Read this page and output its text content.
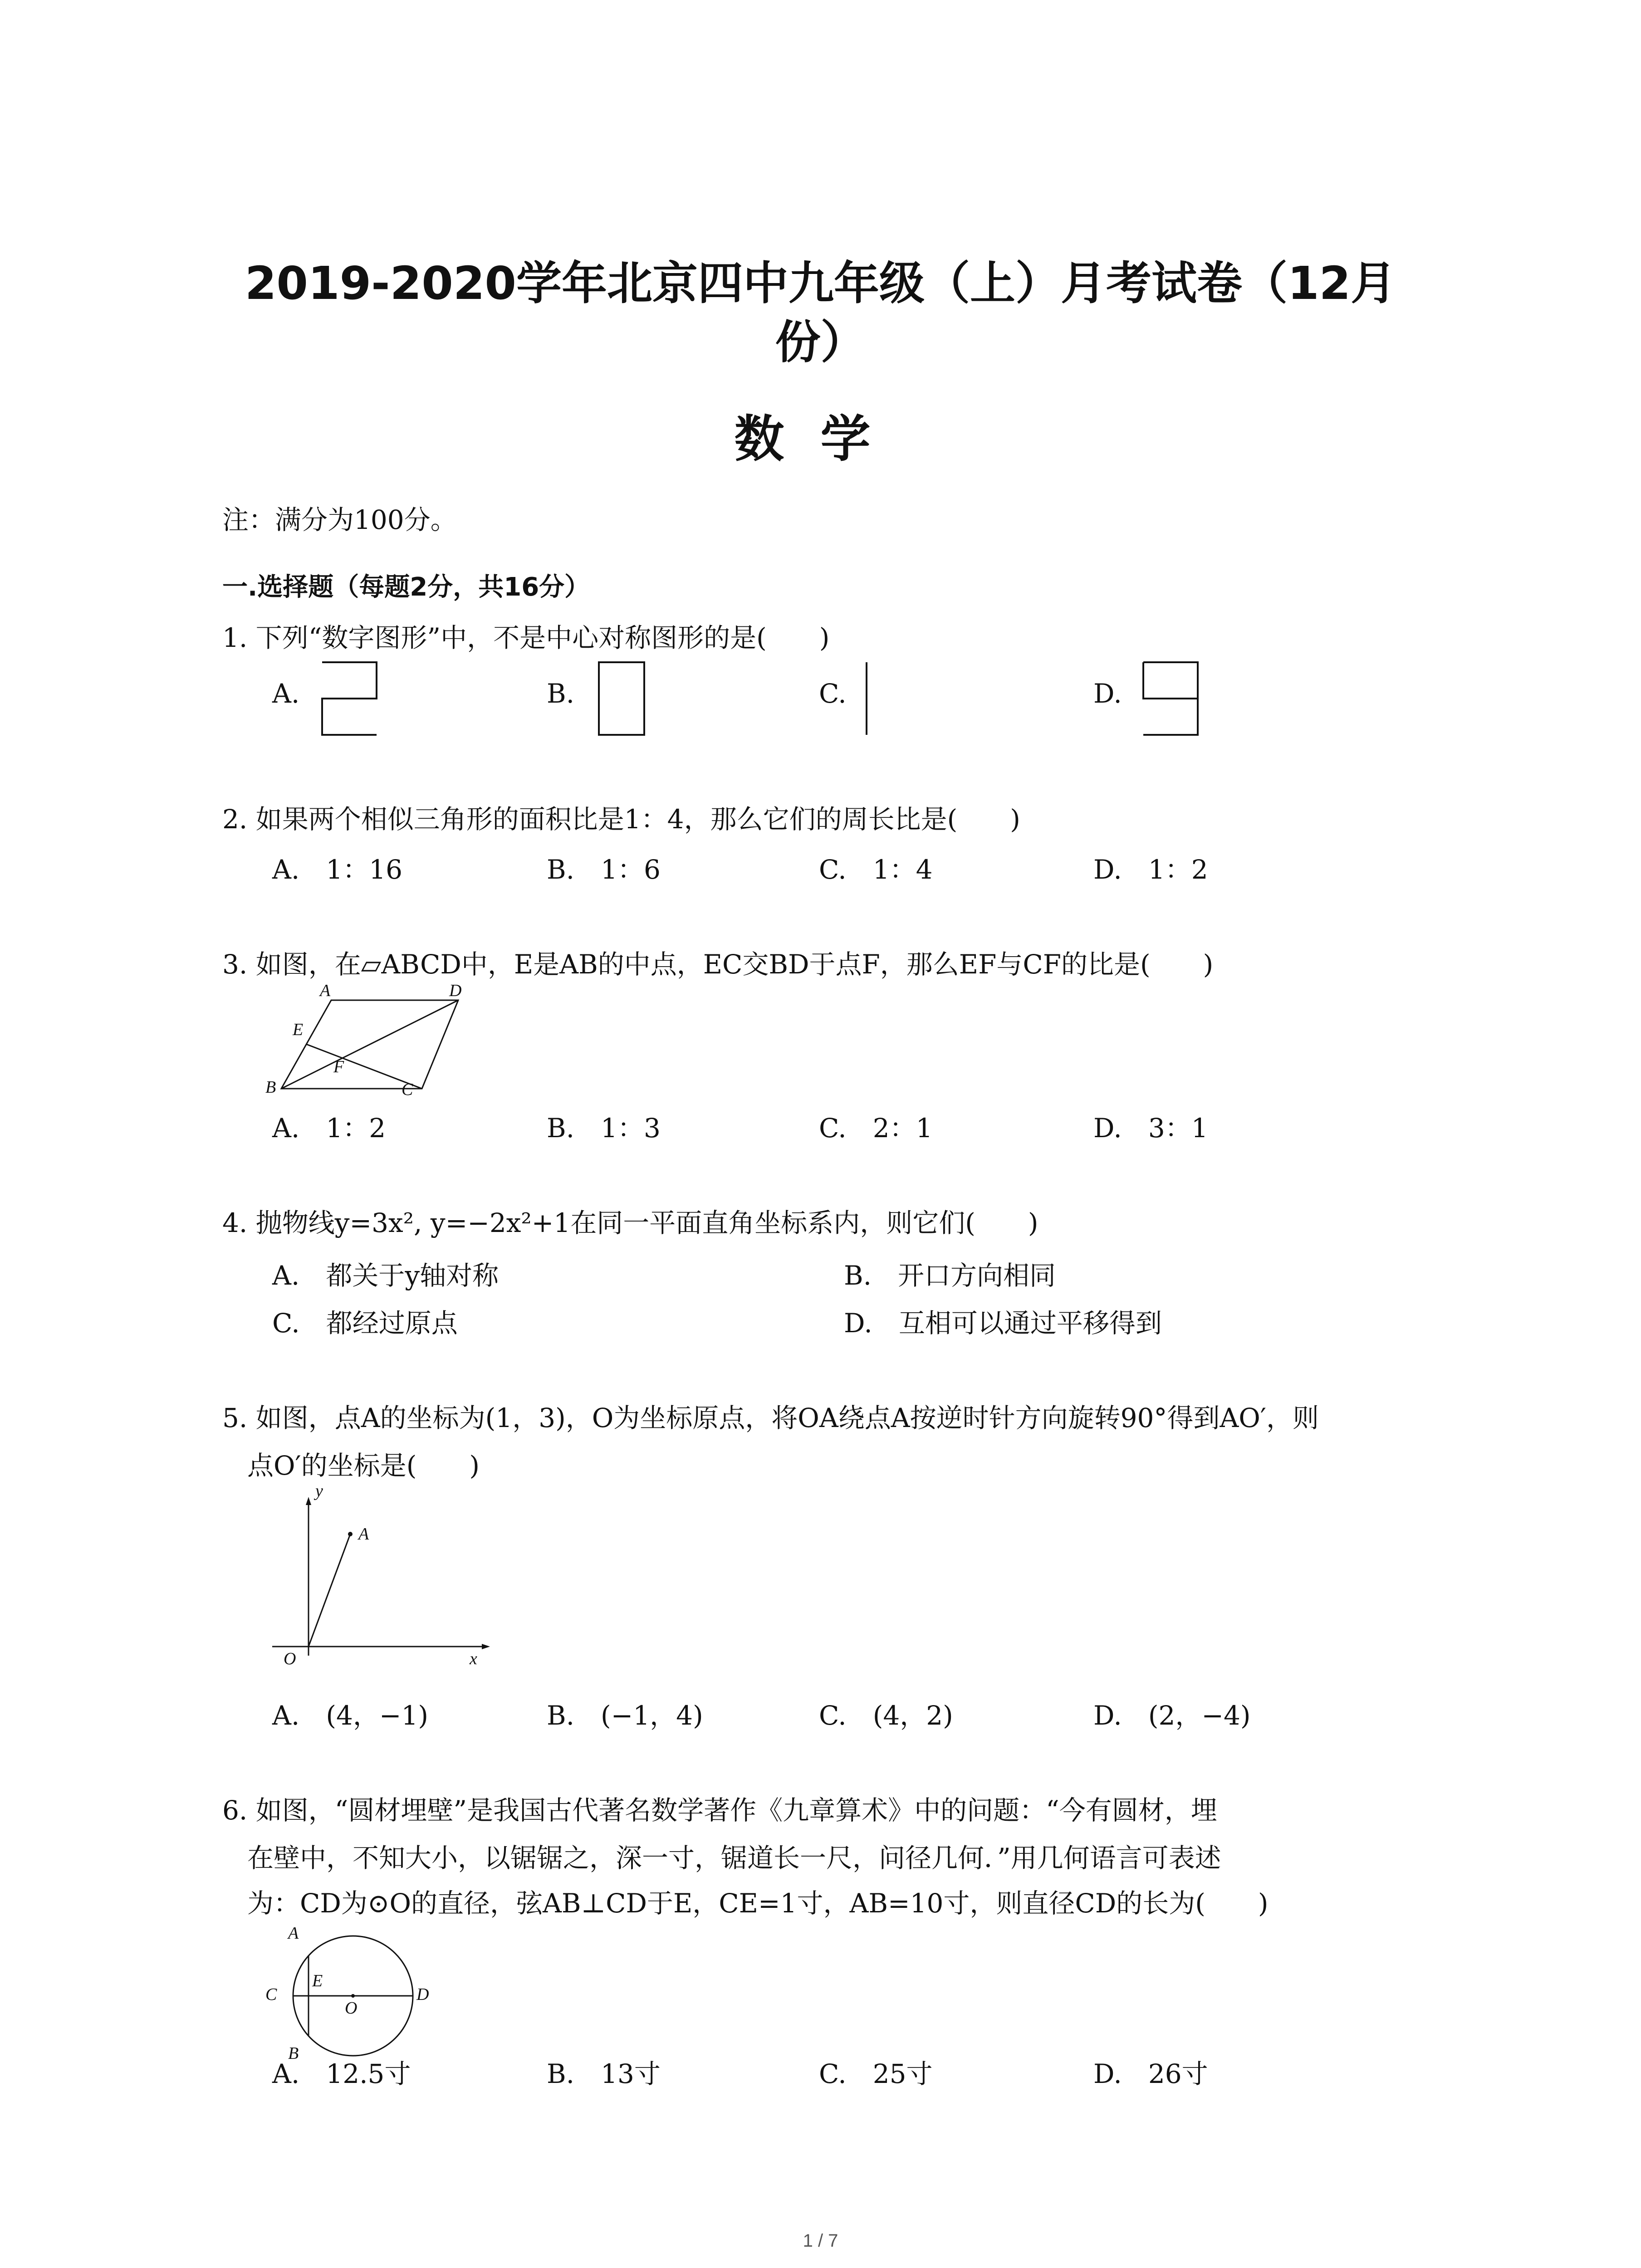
2019-2020学年北京四中九年级（上）月考试卷（12月
份）
数学
注：满分为100分。
一.选择题（每题2分，共16分）
1. 下列“数字图形”中，不是中心对称图形的是(　　)
A.	B.	C.	D.
2. 如果两个相似三角形的面积比是1：4，那么它们的周长比是(　　)
A.　1：16	B.　1：6	C.　1：4	D.　1：2
3. 如图，在▱ABCD中，E是AB的中点，EC交BD于点F，那么EF与CF的比是(　　)
A	D
E
F
B	C
A.　1：2	B.　1：3	C.　2：1	D.　3：1
4. 抛物线y=3x², y=−2x²+1在同一平面直角坐标系内，则它们(　　)
A.　都关于y轴对称	B.　开口方向相同
C.　都经过原点	D.　互相可以通过平移得到
5. 如图，点A的坐标为(1，3)，O为坐标原点，将OA绕点A按逆时针方向旋转90°得到AO′，则
点O′的坐标是(　　)
y
A
O	x
A.　(4，−1)	B.　(−1，4)	C.　(4，2)	D.　(2，−4)
6. 如图，“圆材埋壁”是我国古代著名数学著作《九章算术》中的问题：“今有圆材，埋
在壁中，不知大小，以锯锯之，深一寸，锯道长一尺，问径几何．”用几何语言可表述
为：CD为⊙O的直径，弦AB⊥CD于E，CE=1寸，AB=10寸，则直径CD的长为(　　)
A
C
E
O
D
B
A.　12.5寸	B.　13寸	C.　25寸	D.　26寸
1 / 7
